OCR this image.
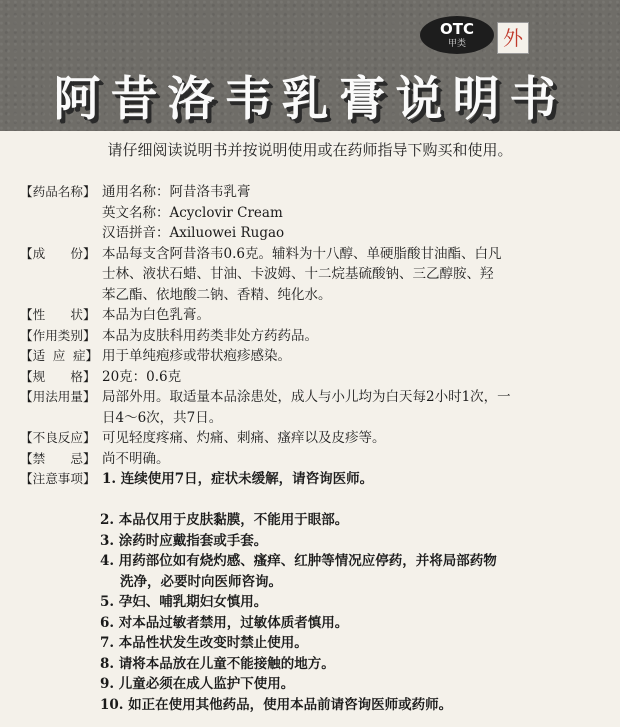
OTC
甲类	外
阿昔洛韦乳膏说明书
请仔细阅读说明书并按说明使用或在药师指导下购买和使用。
【药品名称】 通用名称：阿昔洛韦乳膏
英文名称：Acyclovir Cream
汉语拼音：Axiluowei Rugao
【成　　份】 本品每支含阿昔洛韦0.6克。辅料为十八醇、单硬脂酸甘油酯、白凡
士林、液状石蜡、甘油、卡波姆、十二烷基硫酸钠、三乙醇胺、羟
苯乙酯、依地酸二钠、香精、纯化水。
【性　　状】 本品为白色乳膏。
【作用类别】 本品为皮肤科用药类非处方药药品。
【适 应 症】 用于单纯疱疹或带状疱疹感染。
【规　　格】 20克：0.6克
【用法用量】 局部外用。取适量本品涂患处，成人与小儿均为白天每2小时1次，一
日4～6次，共7日。
【不良反应】 可见轻度疼痛、灼痛、刺痛、瘙痒以及皮疹等。
【禁　　忌】 尚不明确。
【注意事项】 1. 连续使用7日，症状未缓解，请咨询医师。
2. 本品仅用于皮肤黏膜，不能用于眼部。
3. 涂药时应戴指套或手套。
4. 用药部位如有烧灼感、瘙痒、红肿等情况应停药，并将局部药物
洗净，必要时向医师咨询。
5. 孕妇、哺乳期妇女慎用。
6. 对本品过敏者禁用，过敏体质者慎用。
7. 本品性状发生改变时禁止使用。
8. 请将本品放在儿童不能接触的地方。
9. 儿童必须在成人监护下使用。
10. 如正在使用其他药品，使用本品前请咨询医师或药师。
